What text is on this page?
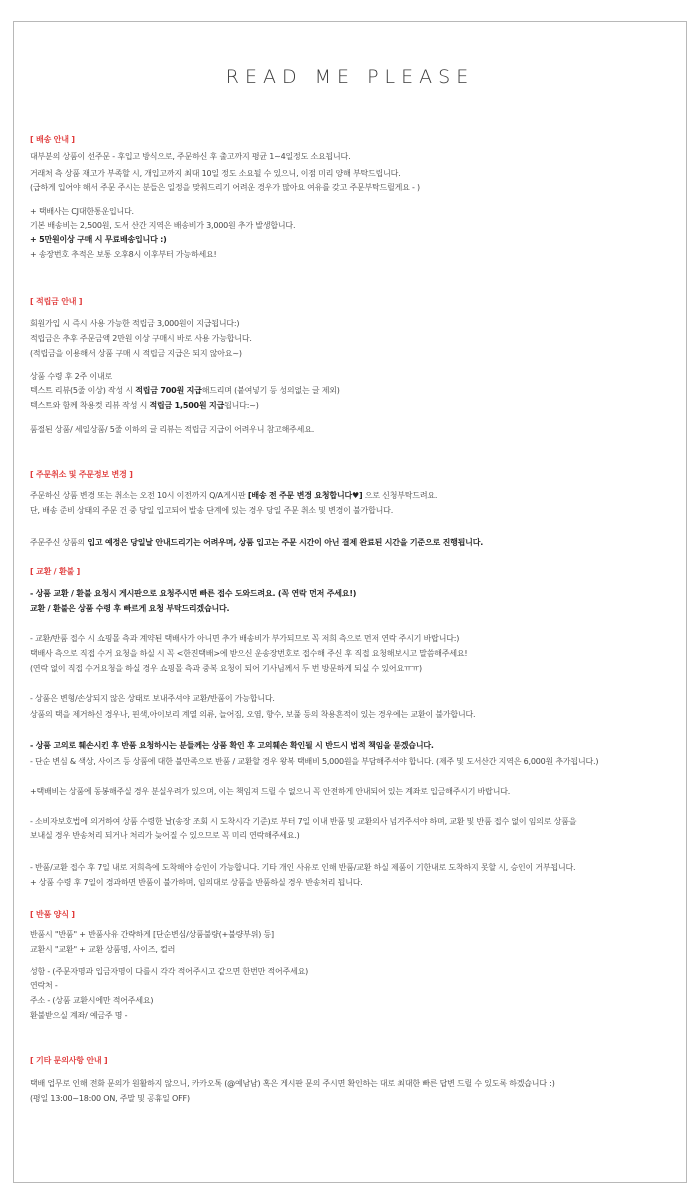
READ ME PLEASE
[ 배송 안내 ]
대부분의 상품이 선주문 - 후입고 방식으로, 주문하신 후 출고까지 평균 1~4일정도 소요됩니다.
거래처 측 상품 재고가 부족할 시, 개입고까지 최대 10일 정도 소요될 수 있으니, 이점 미리 양해 부탁드립니다.
(급하게 입어야 해서 주문 주시는 분들은 일정을 맞춰드리기 어려운 경우가 많아요 여유를 갖고 주문부탁드릴게요 - )
+ 택배사는 CJ대한통운입니다.
기본 배송비는 2,500원, 도서 산간 지역은 배송비가 3,000원 추가 발생합니다.
+ 5만원이상 구매 시 무료배송입니다 :)
+ 송장번호 추적은 보통 오후8시 이후부터 가능하세요!
[ 적립금 안내 ]
회원가입 시 즉시 사용 가능한 적립금 3,000원이 지급됩니다:)
적립금은 추후 주문금액 2만원 이상 구매시 바로 사용 가능합니다.
(적립금을 이용해서 상품 구매 시 적립금 지급은 되지 않아요~)
상품 수령 후 2주 이내로
텍스트 리뷰(5줄 이상) 작성 시 적립금 700원 지급해드리며 (붙여넣기 등 성의없는 글 제외)
텍스트와 함께 착용컷 리뷰 작성 시 적립금 1,500원 지급됩니다:~)
품절된 상품/ 세일상품/ 5줄 이하의 글 리뷰는 적립금 지급이 어려우니 참고해주세요.
[ 주문취소 및 주문정보 변경 ]
주문하신 상품 변경 또는 취소는 오전 10시 이전까지 Q/A게시판 [배송 전 주문 변경 요청합니다♥] 으로 신청부탁드려요.
단, 배송 준비 상태의 주문 건 중 당일 입고되어 발송 단계에 있는 경우 당일 주문 취소 및 변경이 불가합니다.
주문주신 상품의 입고 예정은 당일날 안내드리기는 어려우며, 상품 입고는 주문 시간이 아닌 결제 완료된 시간을 기준으로 진행됩니다.
[ 교환 / 환불 ]
- 상품 교환 / 환불 요청시 게시판으로 요청주시면 빠른 접수 도와드려요. (꼭 연락 먼저 주세요!)
교환 / 환불은 상품 수령 후 빠르게 요청 부탁드리겠습니다.
- 교환/반품 접수 시 쇼핑몰 측과 계약된 택배사가 아니면 추가 배송비가 부가되므로 꼭 저희 측으로 먼저 연락 주시기 바랍니다:)
택배사 측으로 직접 수거 요청을 하실 시 꼭 <한진택배>에 받으신 운송장번호로 접수해 주신 후 직접 요청해보시고 말씀해주세요!
(연락 없이 직접 수거요청을 하실 경우 쇼핑몰 측과 중복 요청이 되어 기사님께서 두 번 방문하게 되실 수 있어요ㅠㅠ)
- 상품은 변형/손상되지 않은 상태로 보내주셔야 교환/반품이 가능합니다.
상품의 택을 제거하신 경우나, 핀색,아이보리 계열 의류, 늘어짐, 오염, 향수, 보풀 등의 착용흔적이 있는 경우에는 교환이 불가합니다.
- 상품 고의로 훼손시킨 후 반품 요청하시는 분들께는 상품 확인 후 고의훼손 확인될 시 반드시 법적 책임을 묻겠습니다.
- 단순 변심 & 색상, 사이즈 등 상품에 대한 불만족으로 반품 / 교환할 경우 왕복 택배비 5,000원을 부담해주셔야 합니다. (제주 및 도서산간 지역은 6,000원 추가됩니다.)
+택배비는 상품에 동봉해주실 경우 분실우려가 있으며, 이는 책임져 드릴 수 없으니 꼭 안전하게 안내되어 있는 계좌로 입금해주시기 바랍니다.
- 소비자보호법에 의거하여 상품 수령한 날(송장 조회 시 도착시각 기준)로 부터 7일 이내 반품 및 교환의사 넘겨주셔야 하며, 교환 및 반품 접수 없이 임의로 상품을
보내실 경우 반송처리 되거나 처리가 늦어질 수 있으므로 꼭 미리 연락해주세요.)
- 반품/교환 접수 후 7일 내로 저희측에 도착해야 승인이 가능합니다. 기타 개인 사유로 인해 반품/교환 하실 제품이 기한내로 도착하지 못할 시, 승인이 거부됩니다.
+ 상품 수령 후 7일이 경과하면 반품이 불가하며, 임의대로 상품을 반품하실 경우 반송처리 됩니다.
[ 반품 양식 ]
반품시 "반품" + 반품사유 간략하게 [단순변심/상품불량(+불량부위) 등]
교환시 "교환" + 교환 상품명, 사이즈, 컬러
성함 - (주문자명과 입금자명이 다를시 각각 적어주시고 같으면 한번만 적어주세요)
연락처 -
주소 - (상품 교환시에만 적어주세요)
환불받으실 계좌/ 예금주 명 -
[ 기타 문의사항 안내 ]
택배 업무로 인해 전화 문의가 원활하지 않으니, 카카오톡 (@예남남) 혹은 게시판 문의 주시면 확인하는 대로 최대한 빠른 답변 드릴 수 있도록 하겠습니다 :)
(평일 13:00~18:00 ON, 주말 및 공휴일 OFF)
